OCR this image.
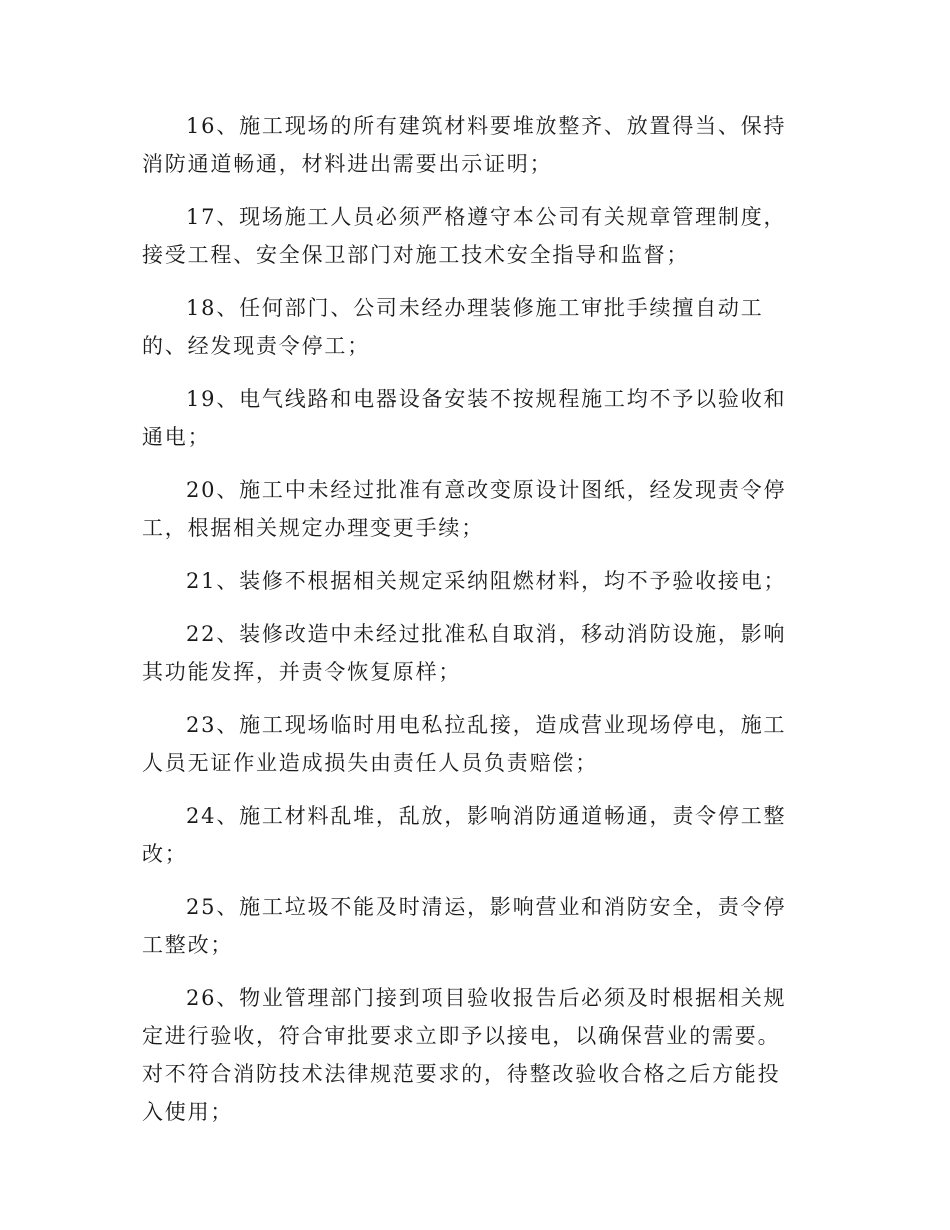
16、施工现场的所有建筑材料要堆放整齐、放置得当、保持消防通道畅通，材料进出需要出示证明；

17、现场施工人员必须严格遵守本公司有关规章管理制度，接受工程、安全保卫部门对施工技术安全指导和监督；

18、任何部门、公司未经办理装修施工审批手续擅自动工的、经发现责令停工；

19、电气线路和电器设备安装不按规程施工均不予以验收和通电；

20、施工中未经过批准有意改变原设计图纸，经发现责令停工，根据相关规定办理变更手续；

21、装修不根据相关规定采纳阻燃材料，均不予验收接电；

22、装修改造中未经过批准私自取消，移动消防设施，影响其功能发挥，并责令恢复原样；

23、施工现场临时用电私拉乱接，造成营业现场停电，施工人员无证作业造成损失由责任人员负责赔偿；

24、施工材料乱堆，乱放，影响消防通道畅通，责令停工整改；

25、施工垃圾不能及时清运，影响营业和消防安全，责令停工整改；

26、物业管理部门接到项目验收报告后必须及时根据相关规定进行验收，符合审批要求立即予以接电，以确保营业的需要。对不符合消防技术法律规范要求的，待整改验收合格之后方能投入使用；
